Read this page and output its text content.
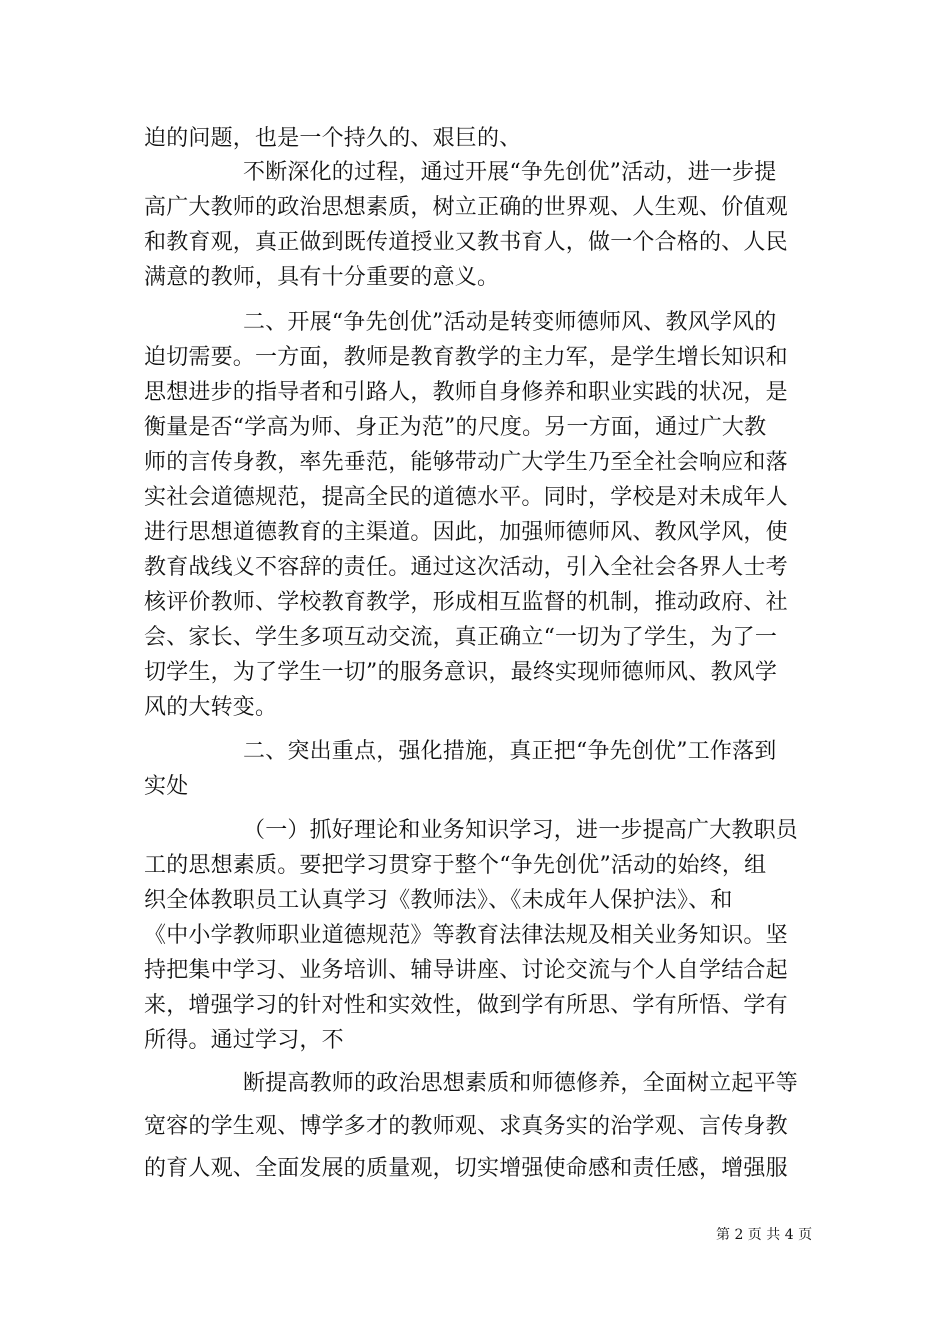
迫的问题，也是一个持久的、艰巨的、
不断深化的过程，通过开展“争先创优”活动，进一步提
高广大教师的政治思想素质，树立正确的世界观、人生观、价值观
和教育观，真正做到既传道授业又教书育人，做一个合格的、人民
满意的教师，具有十分重要的意义。
二、开展“争先创优”活动是转变师德师风、教风学风的
迫切需要。一方面，教师是教育教学的主力军，是学生增长知识和
思想进步的指导者和引路人，教师自身修养和职业实践的状况，是
衡量是否“学高为师、身正为范”的尺度。另一方面，通过广大教
师的言传身教，率先垂范，能够带动广大学生乃至全社会响应和落
实社会道德规范，提高全民的道德水平。同时，学校是对未成年人
进行思想道德教育的主渠道。因此，加强师德师风、教风学风，使
教育战线义不容辞的责任。通过这次活动，引入全社会各界人士考
核评价教师、学校教育教学，形成相互监督的机制，推动政府、社
会、家长、学生多项互动交流，真正确立“一切为了学生，为了一
切学生，为了学生一切”的服务意识，最终实现师德师风、教风学
风的大转变。
二、突出重点，强化措施，真正把“争先创优”工作落到
实处
（一）抓好理论和业务知识学习，进一步提高广大教职员
工的思想素质。要把学习贯穿于整个“争先创优”活动的始终，组
织全体教职员工认真学习《教师法》、《未成年人保护法》、和
《中小学教师职业道德规范》等教育法律法规及相关业务知识。坚
持把集中学习、业务培训、辅导讲座、讨论交流与个人自学结合起
来，增强学习的针对性和实效性，做到学有所思、学有所悟、学有
所得。通过学习，不
断提高教师的政治思想素质和师德修养，全面树立起平等
宽容的学生观、博学多才的教师观、求真务实的治学观、言传身教
的育人观、全面发展的质量观，切实增强使命感和责任感，增强服
第 2 页 共 4 页
